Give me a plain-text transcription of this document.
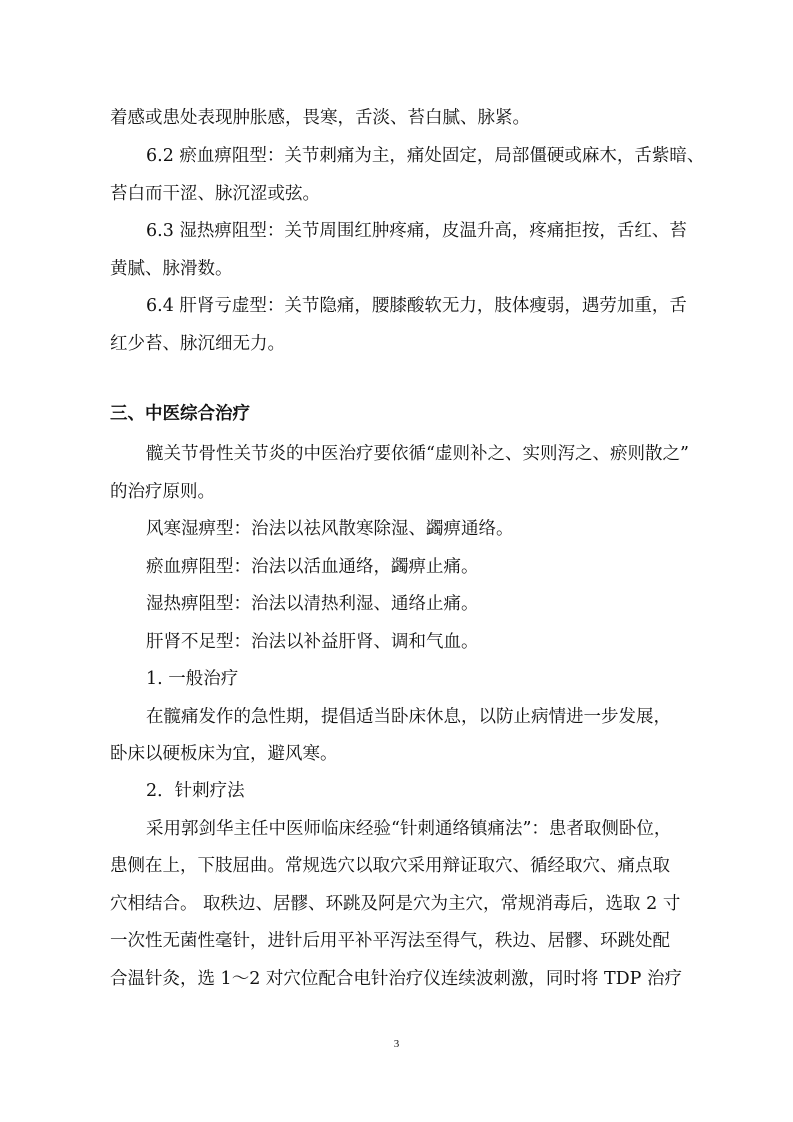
着感或患处表现肿胀感，畏寒，舌淡、苔白腻、脉紧。
6.2 瘀血痹阻型：关节刺痛为主，痛处固定，局部僵硬或麻木，舌紫暗、
苔白而干涩、脉沉涩或弦。
6.3 湿热痹阻型：关节周围红肿疼痛，皮温升高，疼痛拒按，舌红、苔
黄腻、脉滑数。
6.4 肝肾亏虚型：关节隐痛，腰膝酸软无力，肢体瘦弱，遇劳加重，舌
红少苔、脉沉细无力。
三、中医综合治疗
髋关节骨性关节炎的中医治疗要依循“虚则补之、实则泻之、瘀则散之”
的治疗原则。
风寒湿痹型：治法以祛风散寒除湿、蠲痹通络。
瘀血痹阻型：治法以活血通络，蠲痹止痛。
湿热痹阻型：治法以清热利湿、通络止痛。
肝肾不足型：治法以补益肝肾、调和气血。
1. 一般治疗
在髋痛发作的急性期，提倡适当卧床休息，以防止病情进一步发展，
卧床以硬板床为宜，避风寒。
2．针刺疗法
采用郭剑华主任中医师临床经验“针刺通络镇痛法”：患者取侧卧位，
患侧在上，下肢屈曲。常规选穴以取穴采用辩证取穴、循经取穴、痛点取
穴相结合。 取秩边、居髎、环跳及阿是穴为主穴，常规消毒后，选取 2 寸
一次性无菌性毫针，进针后用平补平泻法至得气，秩边、居髎、环跳处配
合温针灸，选 1～2 对穴位配合电针治疗仪连续波刺激，同时将 TDP 治疗
3
